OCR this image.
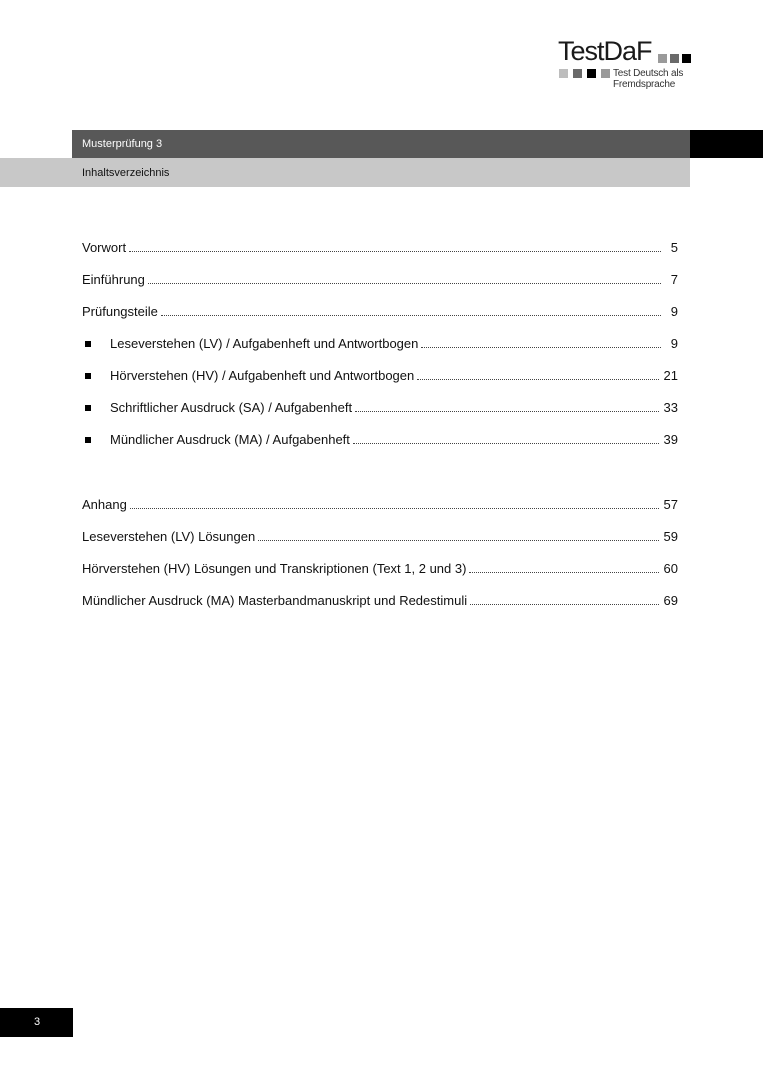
TestDaF
Test Deutsch als Fremdsprache
Musterprüfung 3
Inhaltsverzeichnis
Vorwort	5
Einführung	7
Prüfungsteile	9
Leseverstehen (LV) / Aufgabenheft und Antwortbogen	9
Hörverstehen (HV) / Aufgabenheft und Antwortbogen	21
Schriftlicher Ausdruck (SA) / Aufgabenheft	33
Mündlicher Ausdruck (MA) / Aufgabenheft	39
Anhang	57
Leseverstehen (LV) Lösungen	59
Hörverstehen (HV) Lösungen und Transkriptionen (Text 1, 2 und 3)	60
Mündlicher Ausdruck (MA) Masterbandmanuskript und Redestimuli	69
3
